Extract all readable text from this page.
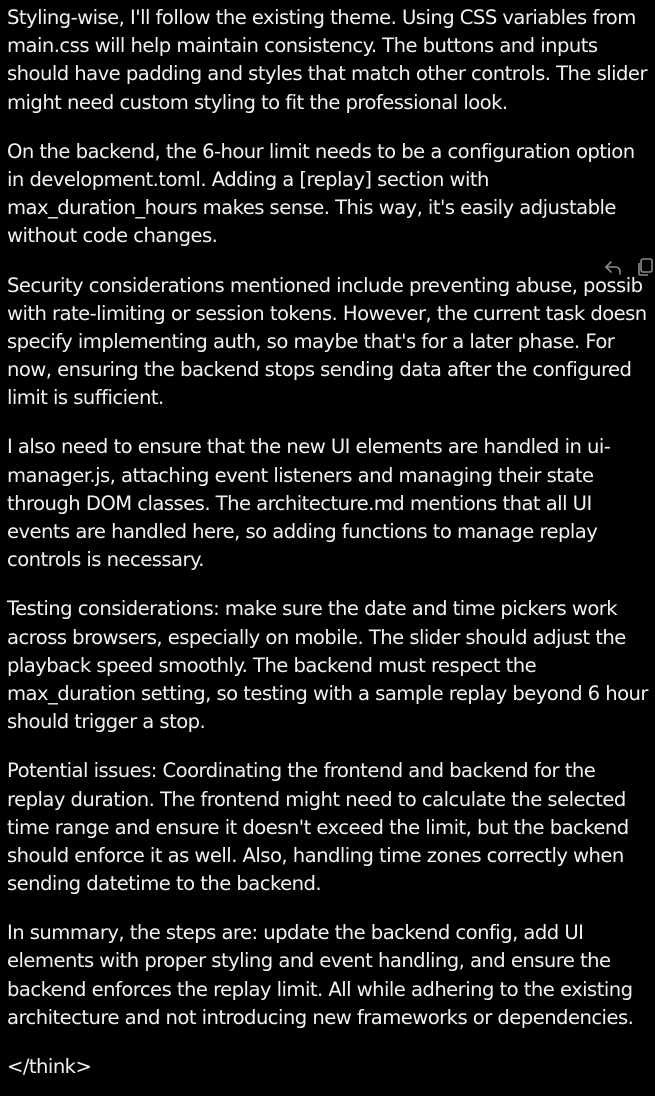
Styling-wise, I'll follow the existing theme. Using CSS variables from
main.css will help maintain consistency. The buttons and inputs
should have padding and styles that match other controls. The slider
might need custom styling to fit the professional look.
On the backend, the 6-hour limit needs to be a configuration option
in development.toml. Adding a [replay] section with
max_duration_hours makes sense. This way, it's easily adjustable
without code changes.
Security considerations mentioned include preventing abuse, possib
with rate-limiting or session tokens. However, the current task doesn
specify implementing auth, so maybe that's for a later phase. For
now, ensuring the backend stops sending data after the configured
limit is sufficient.
I also need to ensure that the new UI elements are handled in ui-
manager.js, attaching event listeners and managing their state
through DOM classes. The architecture.md mentions that all UI
events are handled here, so adding functions to manage replay
controls is necessary.
Testing considerations: make sure the date and time pickers work
across browsers, especially on mobile. The slider should adjust the
playback speed smoothly. The backend must respect the
max_duration setting, so testing with a sample replay beyond 6 hour
should trigger a stop.
Potential issues: Coordinating the frontend and backend for the
replay duration. The frontend might need to calculate the selected
time range and ensure it doesn't exceed the limit, but the backend
should enforce it as well. Also, handling time zones correctly when
sending datetime to the backend.
In summary, the steps are: update the backend config, add UI
elements with proper styling and event handling, and ensure the
backend enforces the replay limit. All while adhering to the existing
architecture and not introducing new frameworks or dependencies.
</think>
